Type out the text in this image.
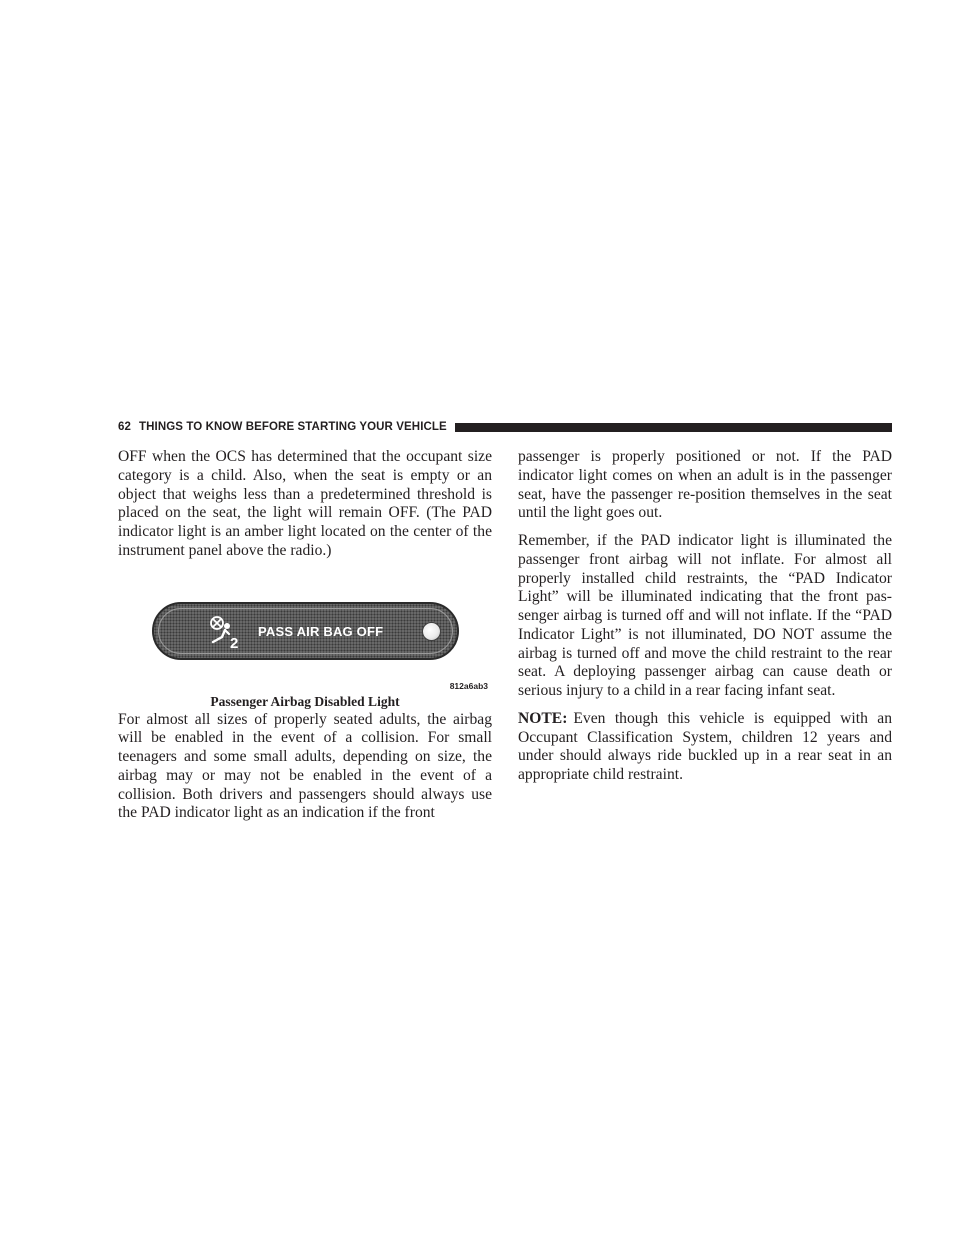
62 THINGS TO KNOW BEFORE STARTING YOUR VEHICLE

OFF when the OCS has determined that the occupant size category is a child. Also, when the seat is empty or an object that weighs less than a predetermined threshold is placed on the seat, the light will remain OFF. (The PAD indicator light is an amber light located on the center of the instrument panel above the radio.)

2
PASS AIR BAG OFF
812a6ab3
Passenger Airbag Disabled Light

For almost all sizes of properly seated adults, the airbag will be enabled in the event of a collision. For small teenagers and some small adults, depending on size, the airbag may or may not be enabled in the event of a collision. Both drivers and passengers should always use the PAD indicator light as an indication if the front

passenger is properly positioned or not. If the PAD indicator light comes on when an adult is in the passenger seat, have the passenger re-position themselves in the seat until the light goes out.

Remember, if the PAD indicator light is illuminated the passenger front airbag will not inflate. For almost all properly installed child restraints, the “PAD Indicator Light” will be illuminated indicating that the front passenger airbag is turned off and will not inflate. If the “PAD Indicator Light” is not illuminated, DO NOT assume the airbag is turned off and move the child restraint to the rear seat. A deploying passenger airbag can cause death or serious injury to a child in a rear facing infant seat.

NOTE: Even though this vehicle is equipped with an Occupant Classification System, children 12 years and under should always ride buckled up in a rear seat in an appropriate child restraint.
